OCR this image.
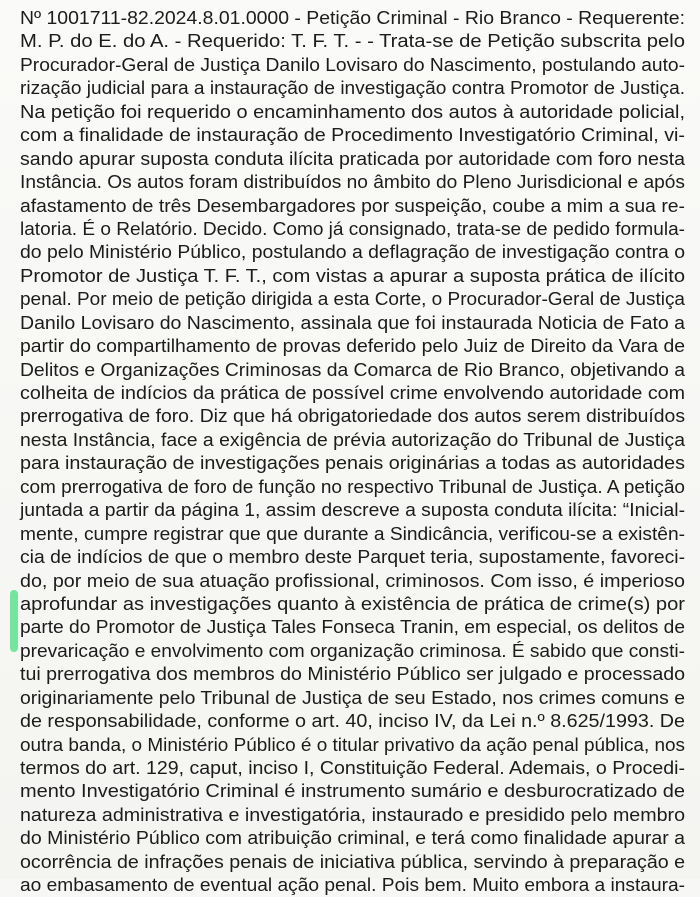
Nº 1001711-82.2024.8.01.0000 - Petição Criminal - Rio Branco - Requerente:
M. P. do E. do A. - Requerido: T. F. T. - - Trata-se de Petição subscrita pelo
Procurador-Geral de Justiça Danilo Lovisaro do Nascimento, postulando auto-
rização judicial para a instauração de investigação contra Promotor de Justiça.
Na petição foi requerido o encaminhamento dos autos à autoridade policial,
com a finalidade de instauração de Procedimento Investigatório Criminal, vi-
sando apurar suposta conduta ilícita praticada por autoridade com foro nesta
Instância. Os autos foram distribuídos no âmbito do Pleno Jurisdicional e após
afastamento de três Desembargadores por suspeição, coube a mim a sua re-
latoria. É o Relatório. Decido. Como já consignado, trata-se de pedido formula-
do pelo Ministério Público, postulando a deflagração de investigação contra o
Promotor de Justiça T. F. T., com vistas a apurar a suposta prática de ilícito
penal. Por meio de petição dirigida a esta Corte, o Procurador-Geral de Justiça
Danilo Lovisaro do Nascimento, assinala que foi instaurada Noticia de Fato a
partir do compartilhamento de provas deferido pelo Juiz de Direito da Vara de
Delitos e Organizações Criminosas da Comarca de Rio Branco, objetivando a
colheita de indícios da prática de possível crime envolvendo autoridade com
prerrogativa de foro. Diz que há obrigatoriedade dos autos serem distribuídos
nesta Instância, face a exigência de prévia autorização do Tribunal de Justiça
para instauração de investigações penais originárias a todas as autoridades
com prerrogativa de foro de função no respectivo Tribunal de Justiça. A petição
juntada a partir da página 1, assim descreve a suposta conduta ilícita: “Inicial-
mente, cumpre registrar que que durante a Sindicância, verificou-se a existên-
cia de indícios de que o membro deste Parquet teria, supostamente, favoreci-
do, por meio de sua atuação profissional, criminosos. Com isso, é imperioso
aprofundar as investigações quanto à existência de prática de crime(s) por
parte do Promotor de Justiça Tales Fonseca Tranin, em especial, os delitos de
prevaricação e envolvimento com organização criminosa. É sabido que consti-
tui prerrogativa dos membros do Ministério Público ser julgado e processado
originariamente pelo Tribunal de Justiça de seu Estado, nos crimes comuns e
de responsabilidade, conforme o art. 40, inciso IV, da Lei n.º 8.625/1993. De
outra banda, o Ministério Público é o titular privativo da ação penal pública, nos
termos do art. 129, caput, inciso I, Constituição Federal. Ademais, o Procedi-
mento Investigatório Criminal é instrumento sumário e desburocratizado de
natureza administrativa e investigatória, instaurado e presidido pelo membro
do Ministério Público com atribuição criminal, e terá como finalidade apurar a
ocorrência de infrações penais de iniciativa pública, servindo à preparação e
ao embasamento de eventual ação penal. Pois bem. Muito embora a instaura-
